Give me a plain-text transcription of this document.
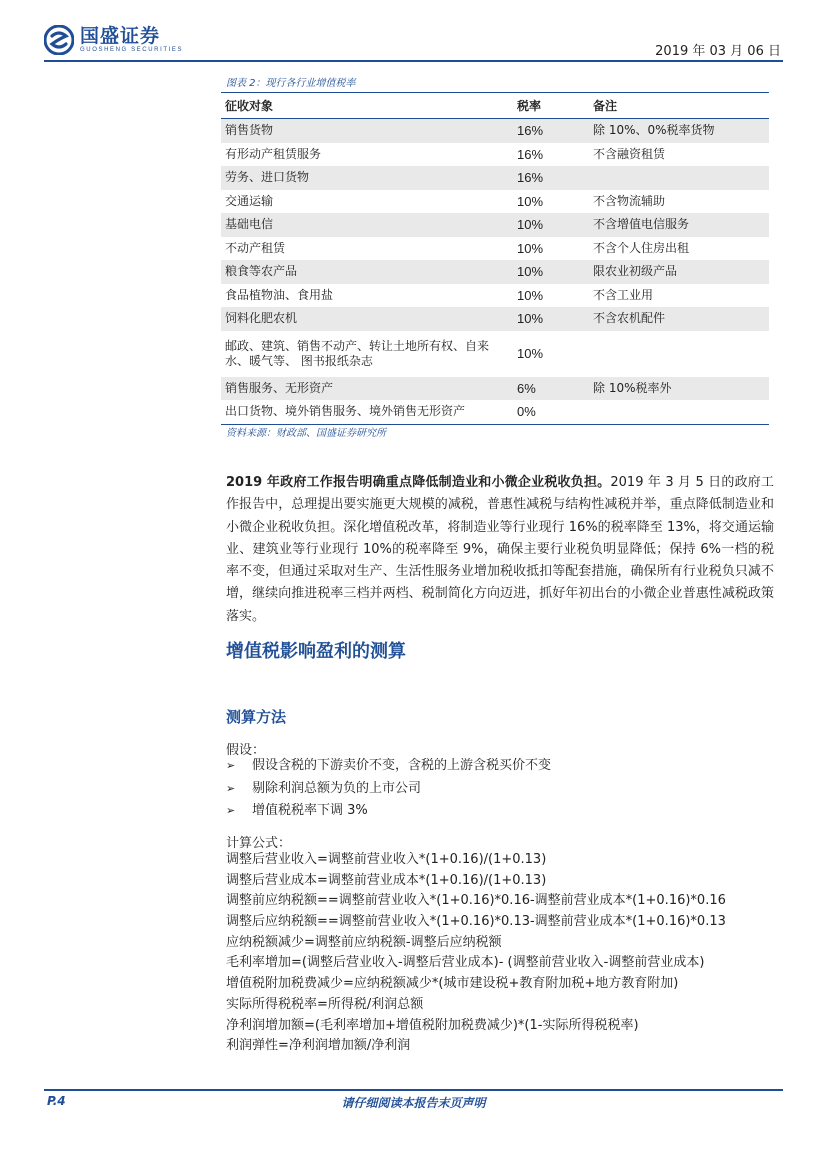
国盛证券
GUOSHENG SECURITIES	2019 年 03 月 06 日
图表 2：现行各行业增值税率
征收对象	税率	备注
销售货物	16%	除 10%、0%税率货物
有形动产租赁服务	16%	不含融资租赁
劳务、进口货物	16%	
交通运输	10%	不含物流辅助
基础电信	10%	不含增值电信服务
不动产租赁	10%	不含个人住房出租
粮食等农产品	10%	限农业初级产品
食品植物油、食用盐	10%	不含工业用
饲料化肥农机	10%	不含农机配件
邮政、建筑、销售不动产、转让土地所有权、自来水、暖气等、 图书报纸杂志	10%	
销售服务、无形资产	6%	除 10%税率外
出口货物、境外销售服务、境外销售无形资产	0%	
资料来源：财政部、国盛证券研究所

2019 年政府工作报告明确重点降低制造业和小微企业税收负担。2019 年 3 月 5 日的政府工作报告中，总理提出要实施更大规模的减税，普惠性减税与结构性减税并举，重点降低制造业和小微企业税收负担。深化增值税改革，将制造业等行业现行 16%的税率降至 13%，将交通运输业、建筑业等行业现行 10%的税率降至 9%，确保主要行业税负明显降低；保持 6%一档的税率不变，但通过采取对生产、生活性服务业增加税收抵扣等配套措施，确保所有行业税负只减不增，继续向推进税率三档并两档、税制简化方向迈进，抓好年初出台的小微企业普惠性减税政策落实。

增值税影响盈利的测算
测算方法

假设：

➢ 假设含税的下游卖价不变，含税的上游含税买价不变
➢ 剔除利润总额为负的上市公司
➢ 增值税税率下调 3%

计算公式：

调整后营业收入=调整前营业收入*(1+0.16)/(1+0.13)
调整后营业成本=调整前营业成本*(1+0.16)/(1+0.13)
调整前应纳税额==调整前营业收入*(1+0.16)*0.16-调整前营业成本*(1+0.16)*0.16
调整后应纳税额==调整前营业收入*(1+0.16)*0.13-调整前营业成本*(1+0.16)*0.13
应纳税额减少=调整前应纳税额-调整后应纳税额
毛利率增加=(调整后营业收入-调整后营业成本)- (调整前营业收入-调整前营业成本)
增值税附加税费减少=应纳税额减少*(城市建设税+教育附加税+地方教育附加)
实际所得税税率=所得税/利润总额
净利润增加额=(毛利率增加+增值税附加税费减少)*(1-实际所得税税率)
利润弹性=净利润增加额/净利润
P.4	请仔细阅读本报告末页声明
